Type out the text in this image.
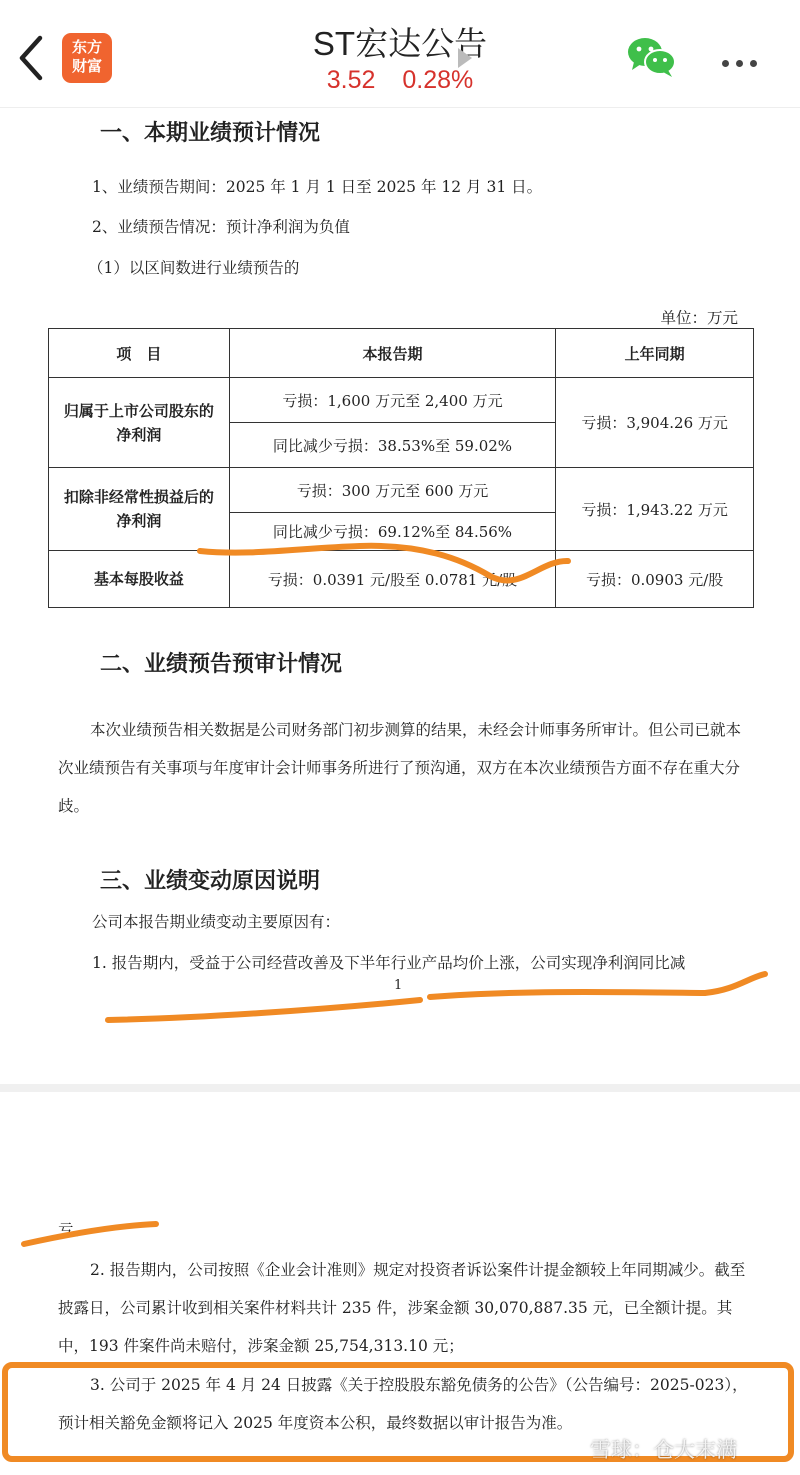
东方
财富
ST宏达公告
3.52 0.28%
一、本期业绩预计情况
1、业绩预告期间：2025 年 1 月 1 日至 2025 年 12 月 31 日。
2、业绩预告情况：预计净利润为负值
（1）以区间数进行业绩预告的
单位：万元
项　目	本报告期	上年同期
归属于上市公司股东的净利润	亏损：1,600 万元至 2,400 万元	亏损：3,904.26 万元
	同比减少亏损：38.53%至 59.02%	
扣除非经常性损益后的净利润	亏损：300 万元至 600 万元	亏损：1,943.22 万元
	同比减少亏损：69.12%至 84.56%	
基本每股收益	亏损：0.0391 元/股至 0.0781 元/股	亏损：0.0903 元/股
二、业绩预告预审计情况
本次业绩预告相关数据是公司财务部门初步测算的结果，未经会计师事务所审计。但公司已就本次业绩预告有关事项与年度审计会计师事务所进行了预沟通，双方在本次业绩预告方面不存在重大分歧。
三、业绩变动原因说明
公司本报告期业绩变动主要原因有：
1. 报告期内，受益于公司经营改善及下半年行业产品均价上涨，公司实现净利润同比减
1
亏。
2. 报告期内，公司按照《企业会计准则》规定对投资者诉讼案件计提金额较上年同期减少。截至披露日，公司累计收到相关案件材料共计 235 件，涉案金额 30,070,887.35 元，已全额计提。其中，193 件案件尚未赔付，涉案金额 25,754,313.10 元；
3. 公司于 2025 年 4 月 24 日披露《关于控股股东豁免债务的公告》（公告编号：2025-023），预计相关豁免金额将记入 2025 年度资本公积，最终数据以审计报告为准。
雪球：仓大末满
